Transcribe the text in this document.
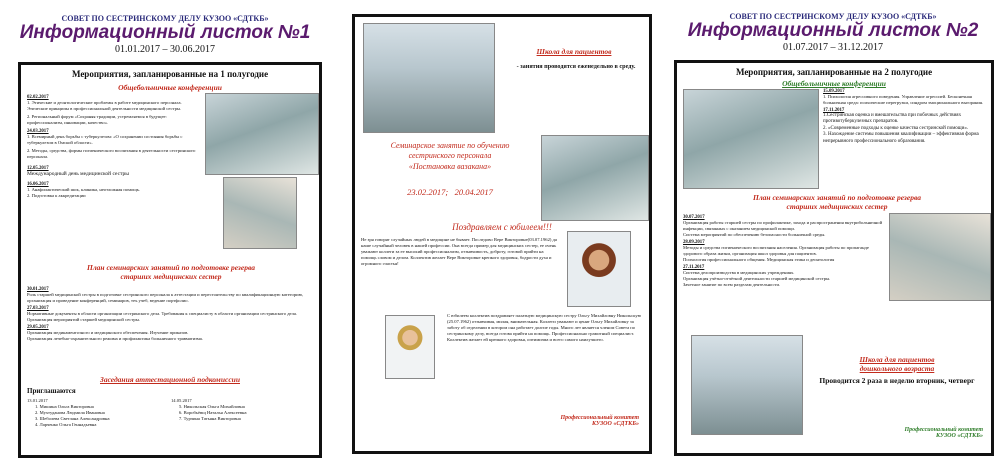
СОВЕТ ПО СЕСТРИНСКОМУ ДЕЛУ КУЗОО «СДТКБ»
Информационный листок №1
01.01.2017 – 30.06.2017
Мероприятия, запланированные на 1 полугодие
Общебольничные конференции
02.02.2017
1. Этические и деонтологические проблемы в работе медицинского персонала. Этические принципы в профессиональной деятельности медицинской сестры.
2. Региональный форум «Сохраняя традиции, устремляемся в будущее: профессионализм, инновации, качество».
24.03.2017
1. Всемирный день борьбы с туберкулезом: «О сохранении состояния борьбы с туберкулезом в Омской области».
2. Методы, средства, формы гигиенического воспитания в деятельности сестринского персонала.
12.05.2017
Международный день медицинской сестры
16.06.2017
1. Анафилактический шок, клиника, неотложная помощь.
2. Подготовка к аккредитации
План семинарских занятий по подготовке резерва старших медицинских сестер
30.01.2017
Роль старшей медицинской сестры в подготовке сестринского персонала к аттестации и перестоятельству по квалификационную категорию, организация и проведение конференций, семинаров, тех.учеб, ведение портфолио.
27.03.2017
Нормативные документы в области организации сестринского дела. Требования к специалисту в области организации сестринского дела.
Организация мероприятий старшей медицинской сестры.
29.05.2017
Организация медикаментозного и медицинского обеспечения. Изучение приказов.
Организация лечебно-охранительного режима и профилактика больничного травматизма.
Заседания аттестационной подкомиссии
Приглашаются
13.01.2017
1. Мишина Ольга Викторовна
2. Мухтуданова Людмила Ивановна
3. Шеболева Светлана Александровна
4. Ларченко Ольга Геннадьевна
14.05.2017
5. Никольская Ольга Михайловна
6. Воробьёвщ Наталья Алексеевна
7. Турчина Татьяна Викторовна
Школа для пациентов
- занятия проводятся еженедельно в среду.
Семинарское занятие по обучению
сестринского персонала
«Постановка вазакана»
23.02.2017;   20.04.2017
Поздравляем с юбилеем!!!
Не зря говорят случайных людей в медицине не бывает. Последово Вере Викторовне(03.07.1962) да наше случайный человек в нашей профессии. Она всегда пример для медицинских сестер, ее очень уважают коллеги за ее высокий профессионализм, отзывчивость, доброту, готовой прийти на помощь словом и делом. Коллектив желает Вере Викторовне крепкого здоровья, бодрости духа и огромного счастья!
С юбилеем коллектив поздравляет палатную медицинскую сестру Ольгу Михайловну Никольскую (25.07.1962) отзывчивая, милая, внимательная. Коллеги уважают и ценят Ольгу Михайловну за заботу об отделении в котором она работает долгие годы. Много лет является членом Совета по сестринскому делу, всегда готова прийти на помощь. Профессионально грамотный специалист. Коллектив желает ей крепкого здоровья, оптимизма и всего самого наилучшего.
Профессиональный комитет
КУЗОО «СДТКБ»
СОВЕТ ПО СЕСТРИНСКОМУ ДЕЛУ КУЗОО «СДТКБ»
Информационный листок №2
01.07.2017 – 31.12.2017
Мероприятия, запланированные на 2 полугодие
Общебольничные конференции
15.09.2017
1. Психология агрессивного поведения. Управление агрессией. Бесконечная больничная среда: психические перегрузки, синдром эмоционального выгорания.
17.11.2017
1.Сестринская оценка и вмешательства при побочных действиях противотуберкулезных препаратов.
2. «Современные подходы к оценке качества сестринской помощи».
3. Нахождение системы повышения квалификации – эффективная форма непрерывного профессионального образования.
План семинарских занятий по подготовке резерва старших медицинских сестер
30.07.2017
Организация работы старшей сестры по профилактике, захода и распространения внутрибольничной инфекции, связанных с оказанием медицинской помощи.
Система мероприятий по обеспечению безопасности больничной среды.
28.09.2017
Методы и средства гигиенического воспитания населения. Организация работы по пропаганде здорового образа жизни, организация школ здоровья для пациентов.
Психология профессионального общения. Медицинская этика и деонтология
27.11.2017
Система делопроизводства в медицинских учреждениях.
Организация учётно-отчётной деятельности старшей медицинской сестры.
Зачетное занятие по всем разделам деятельности.
Школа для пациентов
дошкольного возраста
Проводится 2 раза в неделю вторник, четверг
Профессиональный комитет
КУЗОО «СДТКБ»
